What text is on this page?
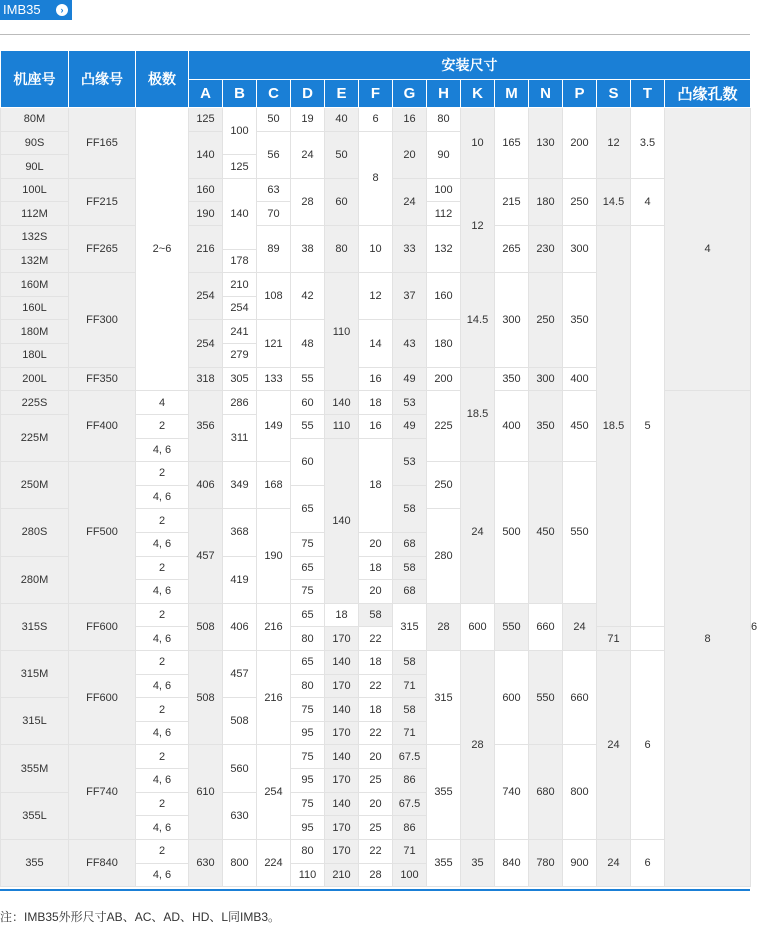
IMB35	›
机座号	凸缘号	极数	安装尺寸															
			A	B	C	D	E	F	G	H	K	M	N	P	S	T	凸缘孔数	
80M	FF165	2~6	125	100	50	19	40	6	16	80	10	165	130	200	12	3.5	4	
90S			140		56	24	50	8	20	90								
90L				125														
100L	FF215		160	140	63	28	60		24	100	12	215	180	250	14.5	4		
112M			190		70					112								
132S	FF265		216		89	38	80	10	33	132		265	230	300	18.5	5		
132M				178														
160M	FF300		254	210	108	42	110	12	37	160	14.5	300	250	350				
160L				254														
180M			254	241	121	48		14	43	180								
180L				279														
200L	FF350		318	305	133	55		16	49	200	18.5	350	300	400				
225S	FF400	4	356	286	149	60	140	18	53	225		400	350	450			8	
225M		2		311		55	110	16	49									
		4, 6				60	140	18	53									
250M	FF500	2	406	349	168					250	24	500	450	550				
		4, 6				65			58									
280S		2	457	368	190					280								
		4, 6				75		20	68									
280M		2		419		65		18	58									
		4, 6				75		20	68									
315S	FF600	2	508	406	216	65	18	58	315	28	600	550	660	24				6
		4, 6				80	170	22							71			
315M	FF600	2	508	457	216	65	140	18	58	315	28	600	550	660	24	6		
		4, 6				80	170	22	71									
315L		2		508		75	140	18	58									
		4, 6				95	170	22	71									
355M	FF740	2	610	560	254	75	140	20	67.5	355		740	680	800				
		4, 6				95	170	25	86									
355L		2		630		75	140	20	67.5									
		4, 6				95	170	25	86									
355	FF840	2	630	800	224	80	170	22	71	355	35	840	780	900	24	6		
		4, 6				110	210	28	100									
注：IMB35外形尺寸AB、AC、AD、HD、L同IMB3。
